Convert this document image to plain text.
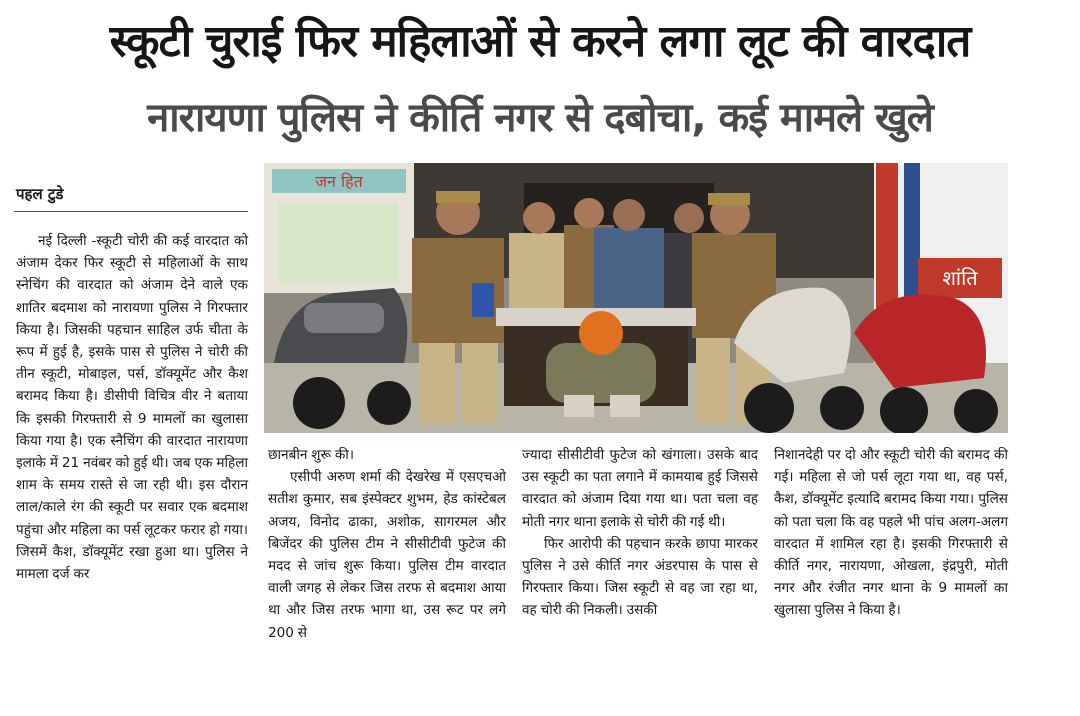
स्कूटी चुराई फिर महिलाओं से करने लगा लूट की वारदात
नारायणा पुलिस ने कीर्ति नगर से दबोचा, कई मामले खुले
पहल टुडे

नई दिल्ली -स्कूटी चोरी की कई वारदात को अंजाम देकर फिर स्कूटी से महिलाओं के साथ स्नेचिंग की वारदात को अंजाम देने वाले एक शातिर बदमाश को नारायणा पुलिस ने गिरफ्तार किया है। जिसकी पहचान साहिल उर्फ चीता के रूप में हुई है, इसके पास से पुलिस ने चोरी की तीन स्कूटी, मोबाइल, पर्स, डॉक्यूमेंट और कैश बरामद किया है। डीसीपी विचित्र वीर ने बताया कि इसकी गिरफ्तारी से 9 मामलों का खुलासा किया गया है। एक स्नैचिंग की वारदात नारायणा इलाके में 21 नवंबर को हुई थी। जब एक महिला शाम के समय रास्ते से जा रही थी। इस दौरान लाल/काले रंग की स्कूटी पर सवार एक बदमाश पहुंचा और महिला का पर्स लूटकर फरार हो गया। जिसमें कैश, डॉक्यूमेंट रखा हुआ था। पुलिस ने मामला दर्ज कर

जन हित
शांति

छानबीन शुरू की।

एसीपी अरुण शर्मा की देखरेख में एसएचओ सतीश कुमार, सब इंस्पेक्टर शुभम, हेड कांस्टेबल अजय, विनोद ढाका, अशोक, सागरमल और बिजेंदर की पुलिस टीम ने सीसीटीवी फुटेज की मदद से जांच शुरू किया। पुलिस टीम वारदात वाली जगह से लेकर जिस तरफ से बदमाश आया था और जिस तरफ भागा था, उस रूट पर लगे 200 से

ज्यादा सीसीटीवी फुटेज को खंगाला। उसके बाद उस स्कूटी का पता लगाने में कामयाब हुई जिससे वारदात को अंजाम दिया गया था। पता चला वह मोती नगर थाना इलाके से चोरी की गई थी।

फिर आरोपी की पहचान करके छापा मारकर पुलिस ने उसे कीर्ति नगर अंडरपास के पास से गिरफ्तार किया। जिस स्कूटी से वह जा रहा था, वह चोरी की निकली। उसकी

निशानदेही पर दो और स्कूटी चोरी की बरामद की गई। महिला से जो पर्स लूटा गया था, वह पर्स, कैश, डॉक्यूमेंट इत्यादि बरामद किया गया। पुलिस को पता चला कि वह पहले भी पांच अलग-अलग वारदात में शामिल रहा है। इसकी गिरफ्तारी से कीर्ति नगर, नारायणा, ओखला, इंद्रपुरी, मोती नगर और रंजीत नगर थाना के 9 मामलों का खुलासा पुलिस ने किया है।
